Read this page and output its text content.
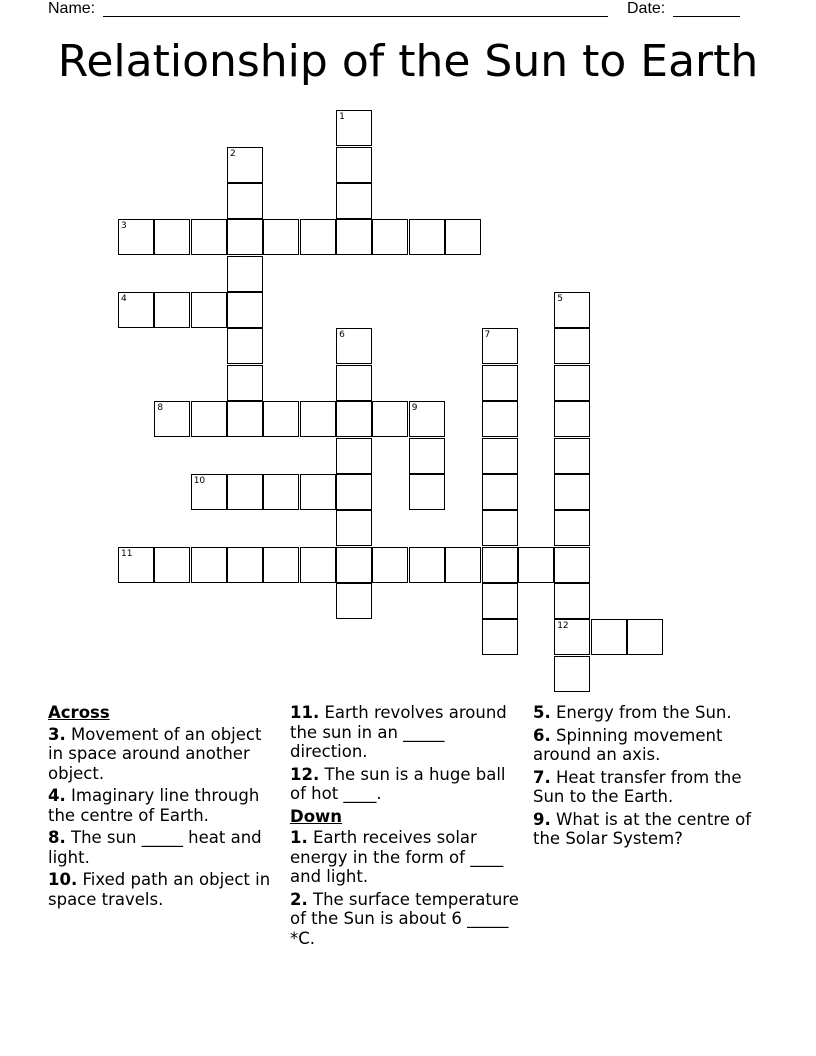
Name:	Date:
Relationship of the Sun to Earth
1
2
3
4	5
6	7
8	9
10
11
12
Across
3. Movement of an object in space around another object.
4. Imaginary line through the centre of Earth.
8. The sun _____ heat and light.
10. Fixed path an object in space travels.
11. Earth revolves around the sun in an _____ direction.
12. The sun is a huge ball of hot ____.
Down
1. Earth receives solar energy in the form of ____ and light.
2. The surface temperature of the Sun is about 6 _____ *C.
5. Energy from the Sun.
6. Spinning movement around an axis.
7. Heat transfer from the Sun to the Earth.
9. What is at the centre of the Solar System?
